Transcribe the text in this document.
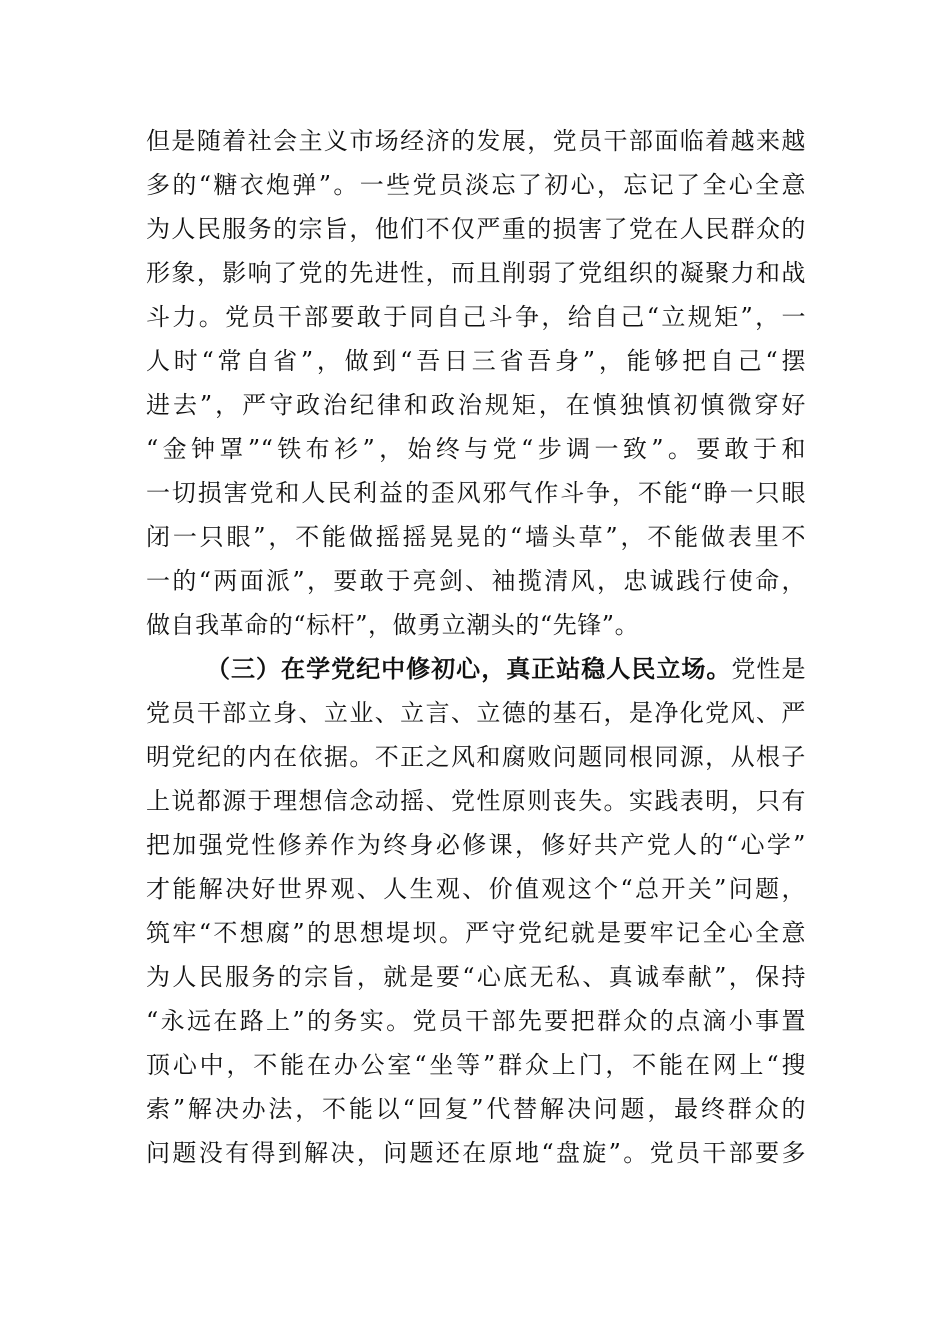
但是随着社会主义市场经济的发展，党员干部面临着越来越
多的“糖衣炮弹”。一些党员淡忘了初心，忘记了全心全意
为人民服务的宗旨，他们不仅严重的损害了党在人民群众的
形象，影响了党的先进性，而且削弱了党组织的凝聚力和战
斗力。党员干部要敢于同自己斗争，给自己“立规矩”，一
人时“常自省”，做到“吾日三省吾身”，能够把自己“摆
进去”，严守政治纪律和政治规矩，在慎独慎初慎微穿好
“金钟罩”“铁布衫”，始终与党“步调一致”。要敢于和
一切损害党和人民利益的歪风邪气作斗争，不能“睁一只眼
闭一只眼”，不能做摇摇晃晃的“墙头草”，不能做表里不
一的“两面派”，要敢于亮剑、袖揽清风，忠诚践行使命，
做自我革命的“标杆”，做勇立潮头的“先锋”。
（三）在学党纪中修初心，真正站稳人民立场。党性是
党员干部立身、立业、立言、立德的基石，是净化党风、严
明党纪的内在依据。不正之风和腐败问题同根同源，从根子
上说都源于理想信念动摇、党性原则丧失。实践表明，只有
把加强党性修养作为终身必修课，修好共产党人的“心学”
才能解决好世界观、人生观、价值观这个“总开关”问题，
筑牢“不想腐”的思想堤坝。严守党纪就是要牢记全心全意
为人民服务的宗旨，就是要“心底无私、真诚奉献”，保持
“永远在路上”的务实。党员干部先要把群众的点滴小事置
顶心中，不能在办公室“坐等”群众上门，不能在网上“搜
索”解决办法，不能以“回复”代替解决问题，最终群众的
问题没有得到解决，问题还在原地“盘旋”。党员干部要多
